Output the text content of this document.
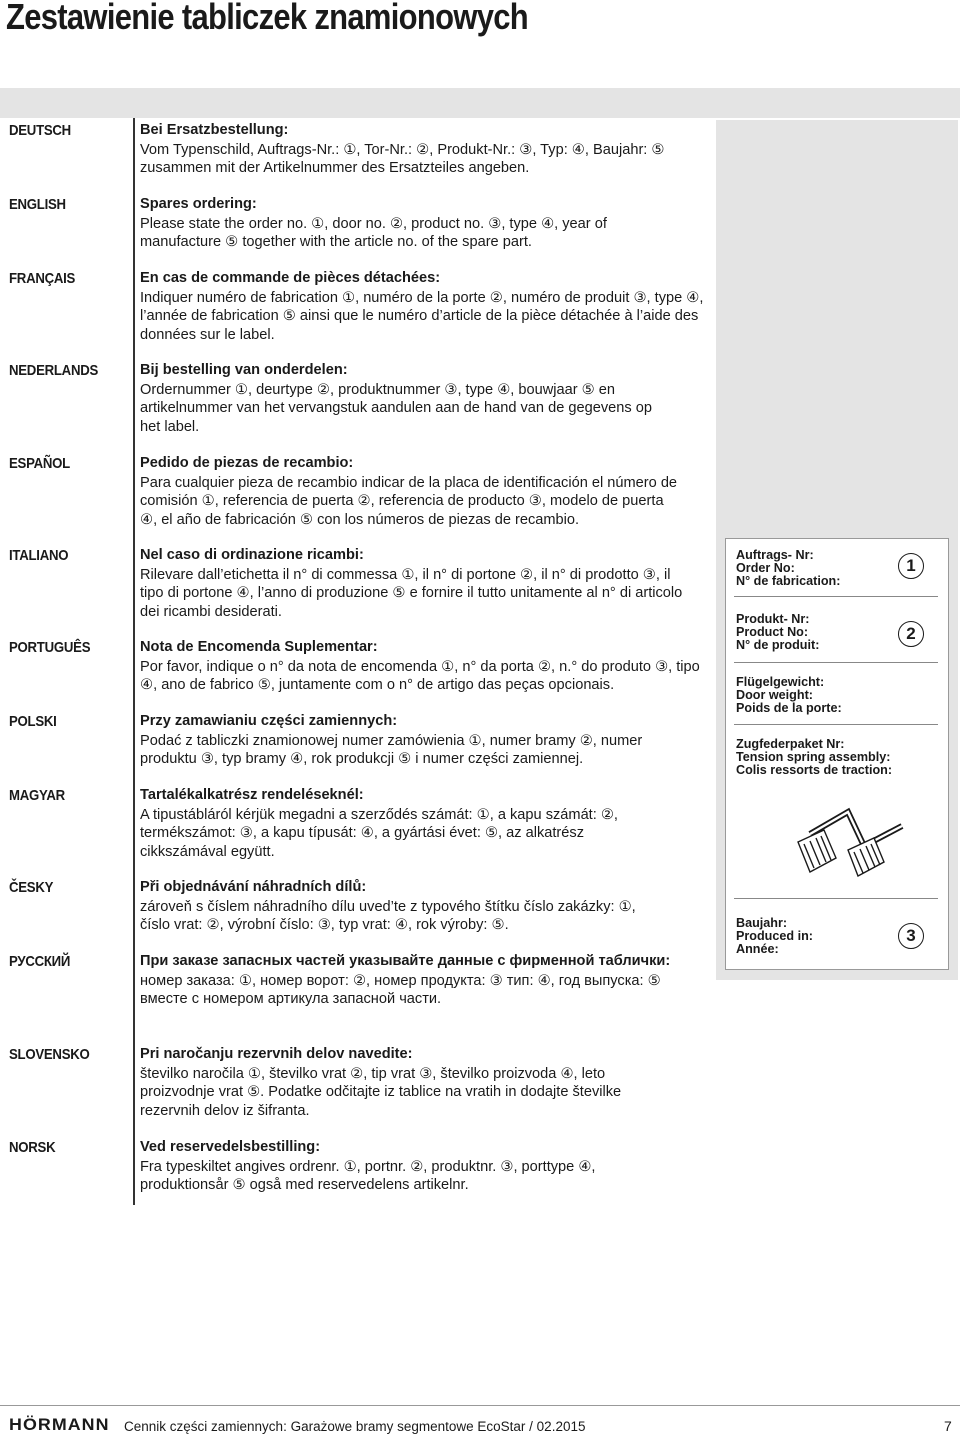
Zestawienie tabliczek znamionowych
DEUTSCH
ENGLISH
FRANÇAIS
NEDERLANDS
ESPAÑOL
ITALIANO
PORTUGUÊS
POLSKI
MAGYAR
ČESKY
РУССКИЙ
SLOVENSKO
NORSK
Bei Ersatzbestellung:
Vom Typenschild, Auftrags-Nr.: ①, Tor-Nr.: ②, Produkt-Nr.: ③, Typ: ④, Baujahr: ⑤ zusammen mit der Artikelnummer des Ersatzteiles angeben.
Spares ordering:
Please state the order no. ①, door no. ②, product no. ③, type ④, year of manufacture ⑤ together with the article no. of the spare part.
En cas de commande de pièces détachées:
Indiquer numéro de fabrication ①, numéro de la porte ②, numéro de produit ③, type ④, l’année de fabrication ⑤ ainsi que le numéro d’article de la pièce détachée à l’aide des données sur le label.
Bij bestelling van onderdelen:
Ordernummer ①, deurtype ②, produktnummer ③, type ④, bouwjaar ⑤ en artikelnummer van het vervangstuk aandulen aan de hand van de gegevens op het label.
Pedido de piezas de recambio:
Para cualquier pieza de recambio indicar de la placa de identificación el número de comisión ①, referencia de puerta ②, referencia de producto ③, modelo de puerta ④, el año de fabricación ⑤ con los números de piezas de recambio.
Nel caso di ordinazione ricambi:
Rilevare dall’etichetta il n° di commessa ①, il n° di portone ②, il n° di prodotto ③, il tipo di portone ④, l’anno di produzione ⑤ e fornire il tutto unitamente al n° di articolo dei ricambi desiderati.
Nota de Encomenda Suplementar:
Por favor, indique o n° da nota de encomenda ①, n° da porta ②, n.° do produto ③, tipo ④, ano de fabrico ⑤, juntamente com o n° de artigo das peças opcionais.
Przy zamawianiu części zamiennych:
Podać z tabliczki znamionowej numer zamówienia ①, numer bramy ②, numer produktu ③, typ bramy ④, rok produkcji ⑤ i numer części zamiennej.
Tartalékalkatrész rendeléseknél:
A tipustábláról kérjük megadni a szerződés számát: ①, a kapu számát: ②, termékszámot: ③, a kapu típusát: ④, a gyártási évet: ⑤, az alkatrész cikkszámával együtt.
Při objednávání náhradních dílů:
zároveň s číslem náhradního dílu uved’te z typového štítku číslo zakázky: ①, číslo vrat: ②, výrobní číslo: ③, typ vrat: ④, rok výroby: ⑤.
При заказе запасных частей указывайте данные с фирменной таблички:
номер заказа: ①, номер ворот: ②, номер продукта: ③ тип: ④, год выпуска: ⑤ вместе с номером артикула запасной части.
Pri naročanju rezervnih delov navedite:
številko naročila ①, številko vrat ②, tip vrat ③, številko proizvoda ④, leto proizvodnje vrat ⑤. Podatke odčitajte iz tablice na vratih in dodajte številke rezervnih delov iz šifranta.
Ved reservedelsbestilling:
Fra typeskiltet angives ordrenr. ①, portnr. ②, produktnr. ③, porttype ④, produktionsår ⑤ også med reservedelens artikelnr.
Auftrags- Nr:
Order No:
N° de fabrication:
1
Produkt- Nr:
Product No:
N° de produit:
2
Flügelgewicht:
Door weight:
Poids de la porte:
Zugfederpaket Nr:
Tension spring assembly:
Colis ressorts de traction:
Baujahr:
Produced in:
Année:
3
HÖRMANN Cennik części zamiennych: Garażowe bramy segmentowe EcoStar / 02.2015	7
